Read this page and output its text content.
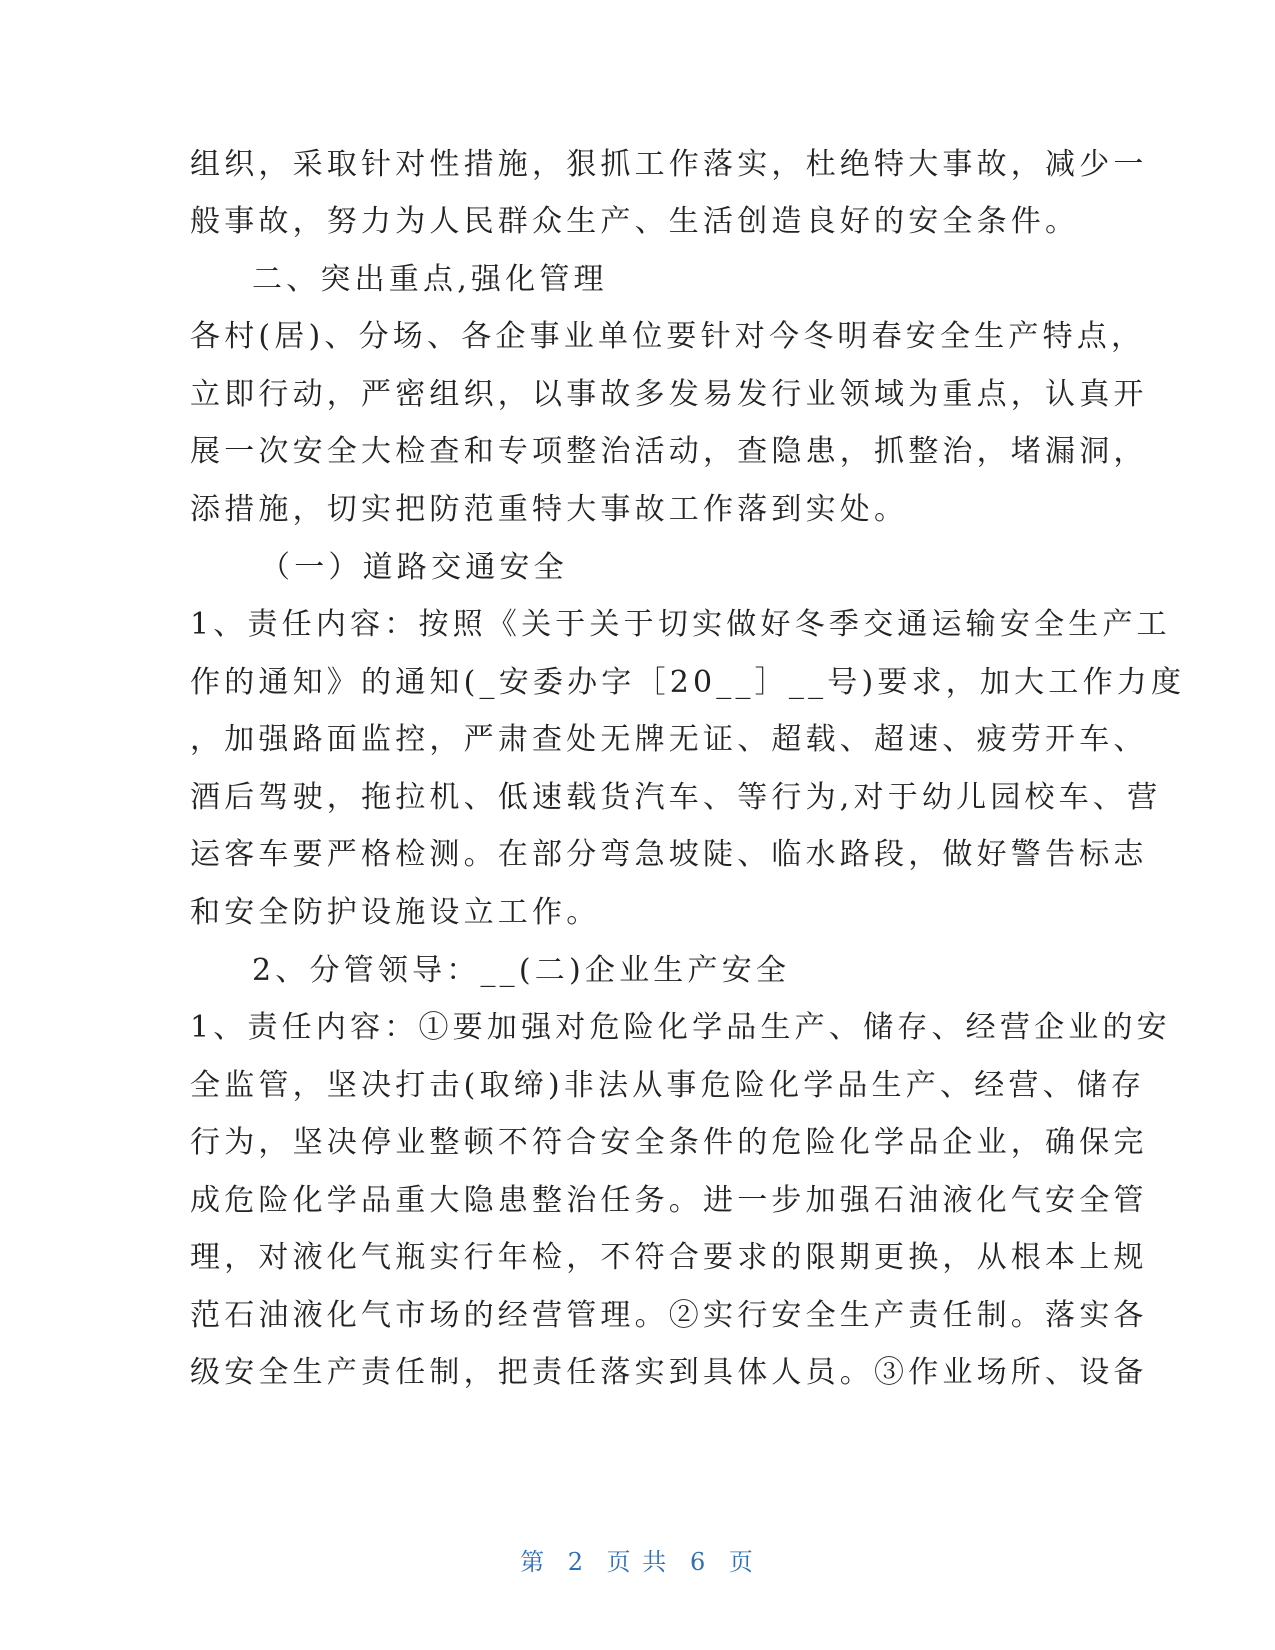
组织，采取针对性措施，狠抓工作落实，杜绝特大事故，减少一
般事故，努力为人民群众生产、生活创造良好的安全条件。
二、突出重点,强化管理
各村(居)、分场、各企事业单位要针对今冬明春安全生产特点，
立即行动，严密组织，以事故多发易发行业领域为重点，认真开
展一次安全大检查和专项整治活动，查隐患，抓整治，堵漏洞，
添措施，切实把防范重特大事故工作落到实处。
（一）道路交通安全
1、责任内容：按照《关于关于切实做好冬季交通运输安全生产工
作的通知》的通知(_安委办字［20__］__号)要求，加大工作力度
，加强路面监控，严肃查处无牌无证、超载、超速、疲劳开车、
酒后驾驶，拖拉机、低速载货汽车、等行为,对于幼儿园校车、营
运客车要严格检测。在部分弯急坡陡、临水路段，做好警告标志
和安全防护设施设立工作。
2、分管领导：__(二)企业生产安全
1、责任内容：①要加强对危险化学品生产、储存、经营企业的安
全监管，坚决打击(取缔)非法从事危险化学品生产、经营、储存
行为，坚决停业整顿不符合安全条件的危险化学品企业，确保完
成危险化学品重大隐患整治任务。进一步加强石油液化气安全管
理，对液化气瓶实行年检，不符合要求的限期更换，从根本上规
范石油液化气市场的经营管理。②实行安全生产责任制。落实各
级安全生产责任制，把责任落实到具体人员。③作业场所、设备
第 2 页 共 6 页
